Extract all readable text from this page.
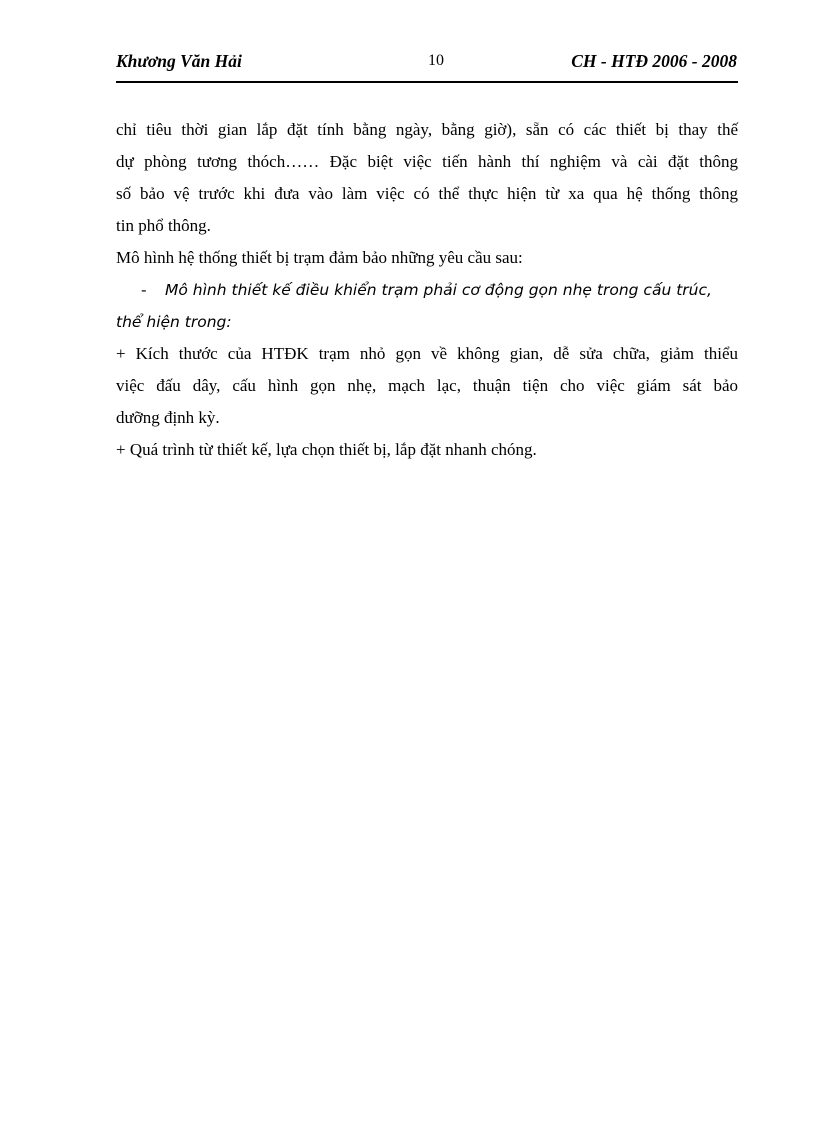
Khương Văn Hải	10	CH - HTĐ 2006 - 2008
chỉ tiêu thời gian lắp đặt tính bằng ngày, bằng giờ), sẵn có các thiết bị thay thế
dự phòng tương thóch…… Đặc biệt việc tiến hành thí nghiệm và cài đặt thông
số bảo vệ trước khi đưa vào làm việc có thể thực hiện từ xa qua hệ thống thông
tin phổ thông.
Mô hình hệ thống thiết bị trạm đảm bảo những yêu cầu sau:
- Mô hình thiết kế điều khiển trạm phải cơ động gọn nhẹ trong cấu trúc,
thể hiện trong:
+ Kích thước của HTĐK trạm nhỏ gọn về không gian, dễ sửa chữa, giảm thiểu
việc đấu dây, cấu hình gọn nhẹ, mạch lạc, thuận tiện cho việc giám sát bảo
dưỡng định kỳ.
+ Quá trình từ thiết kế, lựa chọn thiết bị, lắp đặt nhanh chóng.
